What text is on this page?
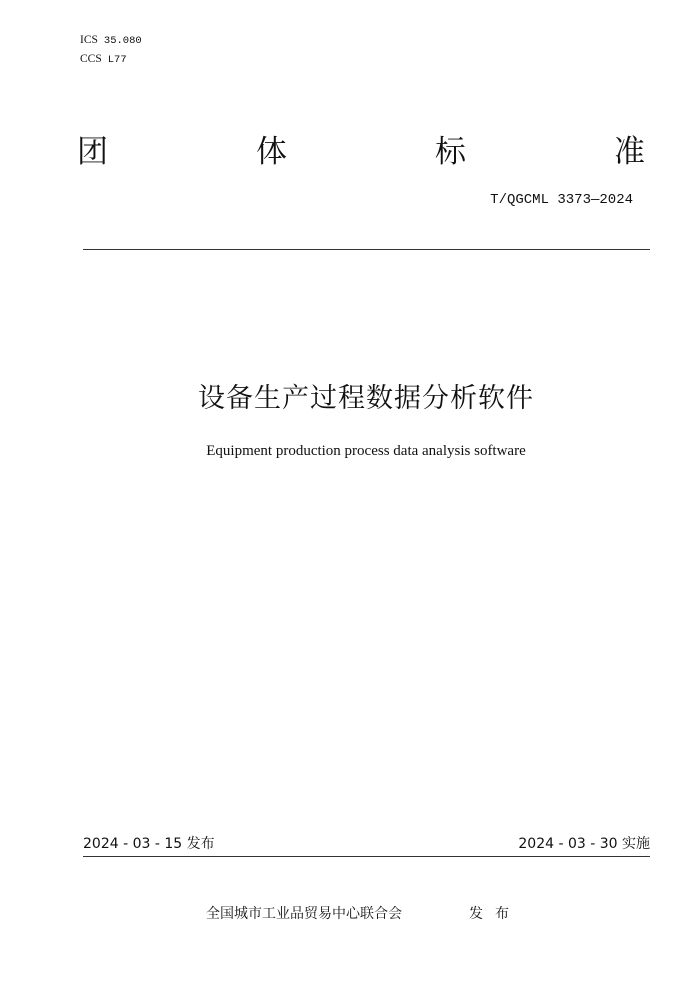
ICS 35.080
CCS L77
团	体	标	准
T/QGCML 3373—2024
设备生产过程数据分析软件
Equipment production process data analysis software
2024 - 03 - 15 发布	2024 - 03 - 30 实施
全国城市工业品贸易中心联合会	发布
